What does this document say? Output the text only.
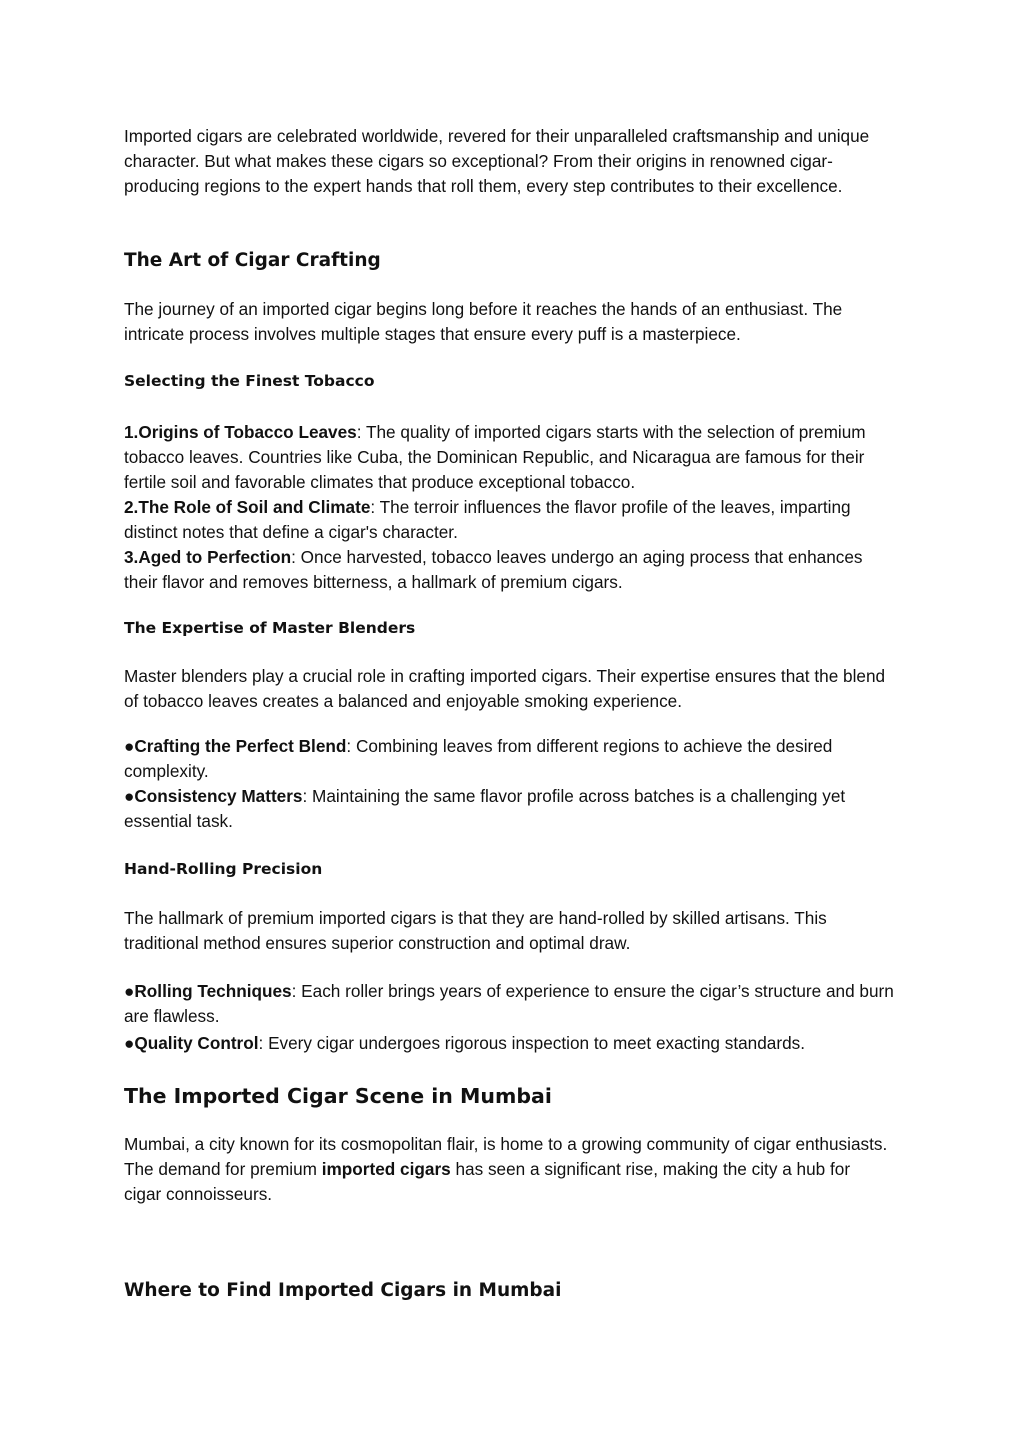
Imported cigars are celebrated worldwide, revered for their unparalleled craftsmanship and unique character. But what makes these cigars so exceptional? From their origins in renowned cigar-producing regions to the expert hands that roll them, every step contributes to their excellence.

The Art of Cigar Crafting

The journey of an imported cigar begins long before it reaches the hands of an enthusiast. The intricate process involves multiple stages that ensure every puff is a masterpiece.

Selecting the Finest Tobacco

1.Origins of Tobacco Leaves: The quality of imported cigars starts with the selection of premium tobacco leaves. Countries like Cuba, the Dominican Republic, and Nicaragua are famous for their fertile soil and favorable climates that produce exceptional tobacco.

2.The Role of Soil and Climate: The terroir influences the flavor profile of the leaves, imparting distinct notes that define a cigar's character.

3.Aged to Perfection: Once harvested, tobacco leaves undergo an aging process that enhances their flavor and removes bitterness, a hallmark of premium cigars.

The Expertise of Master Blenders

Master blenders play a crucial role in crafting imported cigars. Their expertise ensures that the blend of tobacco leaves creates a balanced and enjoyable smoking experience.

●Crafting the Perfect Blend: Combining leaves from different regions to achieve the desired complexity.

●Consistency Matters: Maintaining the same flavor profile across batches is a challenging yet essential task.

Hand-Rolling Precision

The hallmark of premium imported cigars is that they are hand-rolled by skilled artisans. This traditional method ensures superior construction and optimal draw.

●Rolling Techniques: Each roller brings years of experience to ensure the cigar’s structure and burn are flawless.

●Quality Control: Every cigar undergoes rigorous inspection to meet exacting standards.

The Imported Cigar Scene in Mumbai

Mumbai, a city known for its cosmopolitan flair, is home to a growing community of cigar enthusiasts. The demand for premium imported cigars has seen a significant rise, making the city a hub for cigar connoisseurs.

Where to Find Imported Cigars in Mumbai
